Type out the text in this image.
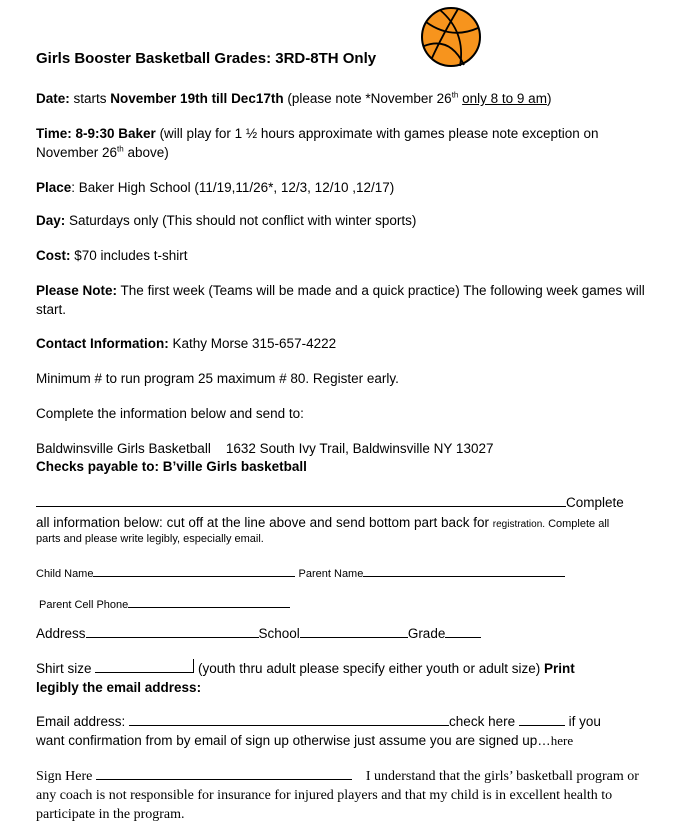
Girls Booster Basketball Grades: 3RD-8TH Only
Date: starts November 19th till Dec17th (please note *November 26th only 8 to 9 am)
Time: 8-9:30 Baker (will play for 1 ½ hours approximate with games please note exception on November 26th above)
Place: Baker High School (11/19,11/26*, 12/3, 12/10 ,12/17)
Day: Saturdays only (This should not conflict with winter sports)
Cost: $70 includes t-shirt
Please Note: The first week (Teams will be made and a quick practice) The following week games will start.
Contact Information: Kathy Morse 315-657-4222
Minimum # to run program 25 maximum # 80. Register early.
Complete the information below and send to:
Baldwinsville Girls Basketball    1632 South Ivy Trail, Baldwinsville NY 13027
Checks payable to: B’ville Girls basketball
Complete
all information below: cut off at the line above and send bottom part back for registration. Complete all
parts and please write legibly, especially email.
Child Name	Parent Name
Parent Cell Phone
Address	School	Grade
Shirt size	(youth thru adult please specify either youth or adult size) Print legibly the email address:
Email address:	check here	if you want confirmation from by email of sign up otherwise just assume you are signed up…here
Sign Here	I understand that the girls’ basketball program or any coach is not responsible for insurance for injured players and that my child is in excellent health to participate in the program.
